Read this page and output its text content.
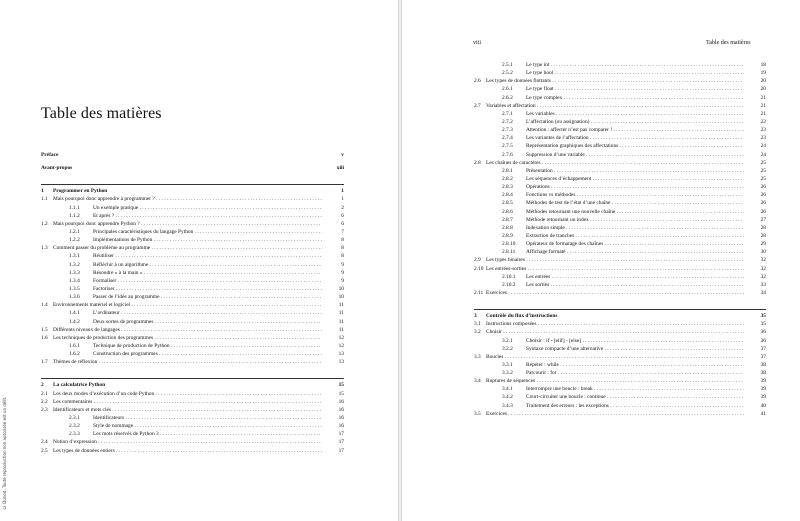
© Dunod. Toute reproduction non autorisée est un délit.
Table des matières
Préface	v
Avant-propos	xiii
1 Programmer en Python	1
1.1 Mais pourquoi donc apprendre à programmer ? . . .	1
1.1.1 Un exemple pratique . . .	2
1.1.2 Et après ? . . .	6
1.2 Mais pourquoi donc apprendre Python ? . . .	6
1.2.1 Principales caractéristiques du langage Python . . .	7
1.2.2 Implémentations de Python . . .	8
1.3 Comment passer du problème au programme . . .	8
1.3.1 Réutiliser . . .	8
1.3.2 Réfléchir à un algorithme . . .	9
1.3.3 Résoudre « à la main » . . .	9
1.3.4 Formaliser . . .	9
1.3.5 Factoriser . . .	10
1.3.6 Passer de l’idée au programme . . .	10
1.4 Environnements matériel et logiciel . . .	11
1.4.1 L’ordinateur . . .	11
1.4.2 Deux sortes de programmes . . .	11
1.5 Différents niveaux de langages . . .	11
1.6 Les techniques de production des programmes . . .	12
1.6.1 Technique de production de Python . . .	12
1.6.2 Construction des programmes . . .	13
1.7 Thèmes de réflexion . . .	13
2 La calculatrice Python	15
2.1 Les deux modes d’exécution d’un code Python . . .	15
2.2 Les commentaires . . .	16
2.3 Identificateurs et mots clés . . .	16
2.3.1 Identificateurs . . .	16
2.3.2 Style de nommage . . .	16
2.3.3 Les mots réservés de Python 3 . . .	17
2.4 Notion d’expression . . .	17
2.5 Les types de données entiers . . .	17
viii	Table des matières
2.5.1 Le type int . . .	18
2.5.2 Le type bool . . .	19
2.6 Les types de données flottants . . .	20
2.6.1 Le type float . . .	20
2.6.2 Le type complex . . .	21
2.7 Variables et affectation . . .	21
2.7.1 Les variables . . .	21
2.7.2 L’affectation (ou assignation) . . .	22
2.7.3 Attention : affecter n’est pas comparer ! . . .	23
2.7.4 Les variantes de l’affectation . . .	23
2.7.5 Représentation graphiques des affectations . . .	24
2.7.6 Suppression d’une variable . . .	24
2.8 Les chaînes de caractères . . .	25
2.8.1 Présentation . . .	25
2.8.2 Les séquences d’échappement . . .	25
2.8.3 Opérations . . .	26
2.8.4 Fonctions vs méthodes . . .	26
2.8.5 Méthodes de test de l’état d’une chaîne . . .	26
2.8.6 Méthodes retournant une nouvelle chaîne . . .	26
2.8.7 Méthode retournant un index . . .	27
2.8.8 Indexation simple . . .	28
2.8.9 Extraction de tranches . . .	28
2.8.10 Opérateur de formatage des chaînes . . .	29
2.8.11 Affichage formaté . . .	30
2.9 Les types binaires . . .	32
2.10 Les entrées-sorties . . .	32
2.10.1 Les entrées . . .	32
2.10.2 Les sorties . . .	33
2.11 Exercices . . .	34
3 Contrôle du flux d’instructions	35
3.1 Instructions composées . . .	35
3.2 Choisir . . .	36
3.2.1 Choisir : if - [elif] - [else] . . .	36
3.2.2 Syntaxe compacte d’une alternative . . .	37
3.3 Boucles . . .	37
3.3.1 Répéter : while . . .	38
3.3.2 Parcourir : for . . .	38
3.4 Ruptures de séquences . . .	39
3.4.1 Interrompre une boucle : break . . .	39
3.4.2 Court-circuiter une boucle : continue . . .	39
3.4.3 Traitement des erreurs : les exceptions . . .	40
3.5 Exercices . . .	41
